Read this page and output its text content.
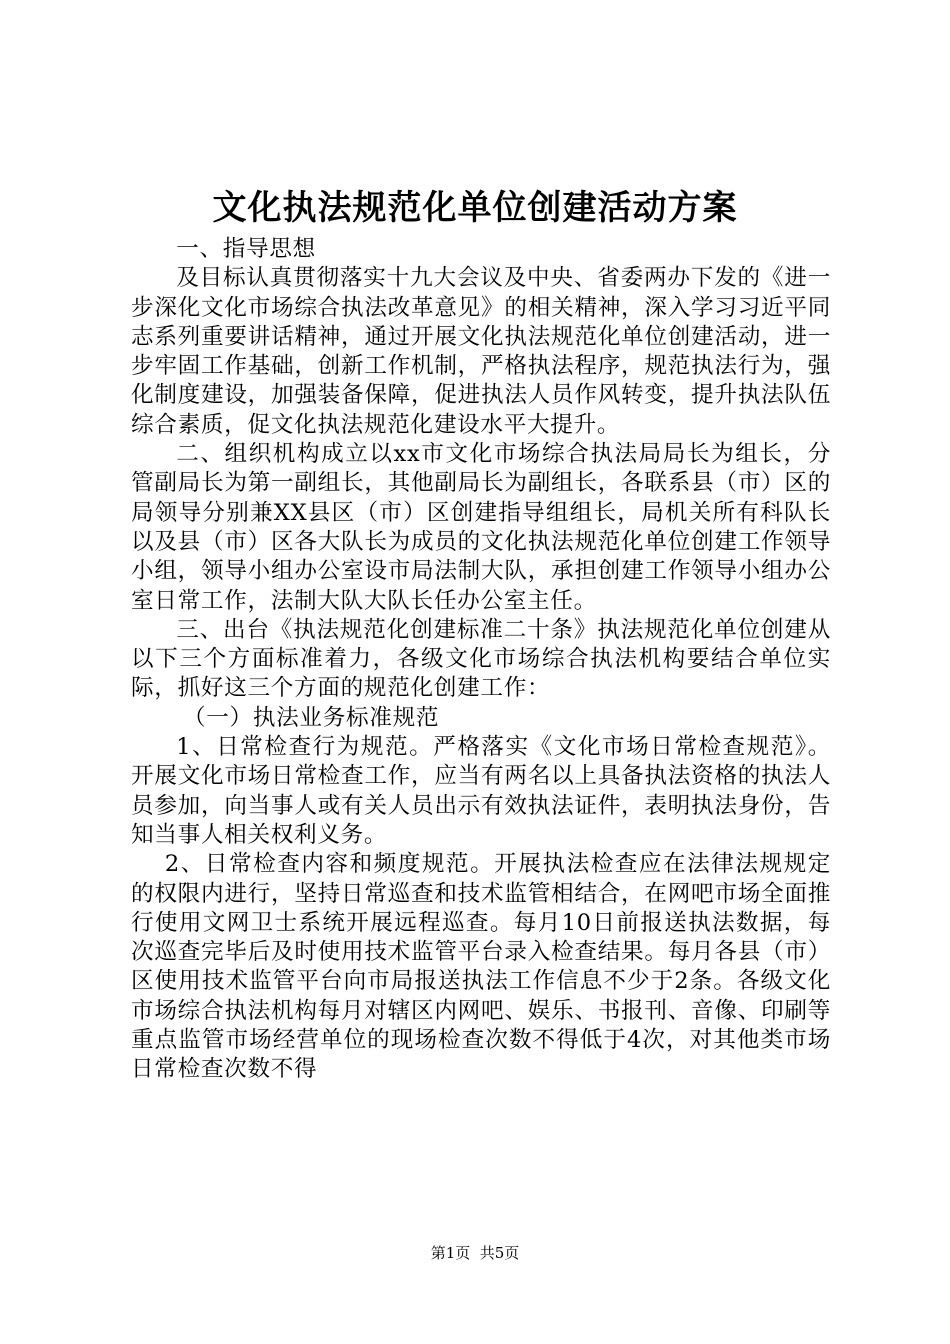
文化执法规范化单位创建活动方案

一、指导思想

及目标认真贯彻落实十九大会议及中央、省委两办下发的《进一步深化文化市场综合执法改革意见》的相关精神，深入学习习近平同志系列重要讲话精神，通过开展文化执法规范化单位创建活动，进一步牢固工作基础，创新工作机制，严格执法程序，规范执法行为，强化制度建设，加强装备保障，促进执法人员作风转变，提升执法队伍综合素质，促文化执法规范化建设水平大提升。

二、组织机构成立以xx市文化市场综合执法局局长为组长，分管副局长为第一副组长，其他副局长为副组长，各联系县（市）区的局领导分别兼XX县区（市）区创建指导组组长，局机关所有科队长以及县（市）区各大队长为成员的文化执法规范化单位创建工作领导小组，领导小组办公室设市局法制大队，承担创建工作领导小组办公室日常工作，法制大队大队长任办公室主任。

三、出台《执法规范化创建标准二十条》执法规范化单位创建从以下三个方面标准着力，各级文化市场综合执法机构要结合单位实际，抓好这三个方面的规范化创建工作：

（一）执法业务标准规范

1、日常检查行为规范。严格落实《文化市场日常检查规范》。开展文化市场日常检查工作，应当有两名以上具备执法资格的执法人员参加，向当事人或有关人员出示有效执法证件，表明执法身份，告知当事人相关权利义务。

2、日常检查内容和频度规范。开展执法检查应在法律法规规定的权限内进行，坚持日常巡查和技术监管相结合，在网吧市场全面推行使用文网卫士系统开展远程巡查。每月10日前报送执法数据，每次巡查完毕后及时使用技术监管平台录入检查结果。每月各县（市）区使用技术监管平台向市局报送执法工作信息不少于2条。各级文化市场综合执法机构每月对辖区内网吧、娱乐、书报刊、音像、印刷等重点监管市场经营单位的现场检查次数不得低于4次，对其他类市场日常检查次数不得

第1页  共5页
